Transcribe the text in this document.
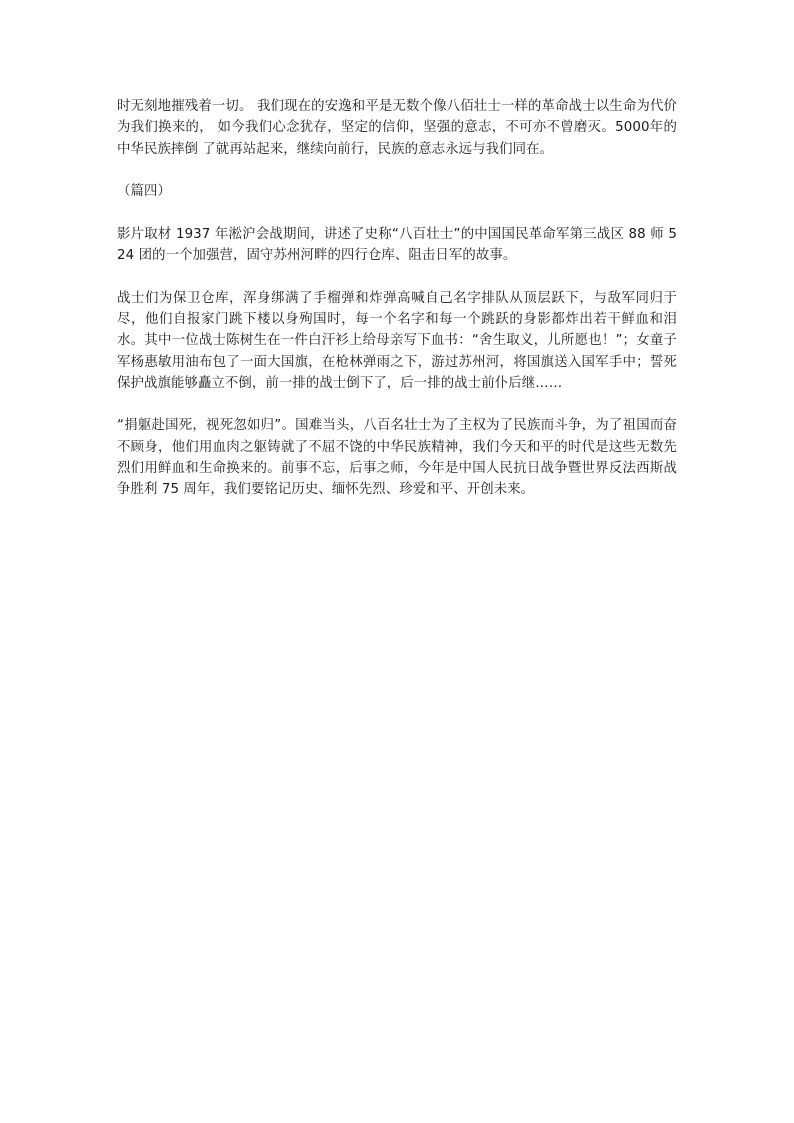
时无刻地摧残着一切。 我们现在的安逸和平是无数个像八佰壮士一样的革命战士以生命为代价为我们换来的， 如今我们心念犹存，坚定的信仰，坚强的意志，不可亦不曾磨灭。5000年的中华民族摔倒 了就再站起来，继续向前行，民族的意志永远与我们同在。

（篇四）

影片取材 1937 年淞沪会战期间，讲述了史称“八百壮士”的中国国民革命军第三战区 88 师 524 团的一个加强营，固守苏州河畔的四行仓库、阻击日军的故事。

战士们为保卫仓库，浑身绑满了手榴弹和炸弹高喊自己名字排队从顶层跃下，与敌军同归于尽，他们自报家门跳下楼以身殉国时，每一个名字和每一个跳跃的身影都炸出若干鲜血和泪水。其中一位战士陈树生在一件白汗衫上给母亲写下血书：“舍生取义，儿所愿也！”；女童子军杨惠敏用油布包了一面大国旗，在枪林弹雨之下，游过苏州河，将国旗送入国军手中；誓死保护战旗能够矗立不倒，前一排的战士倒下了，后一排的战士前仆后继……

“捐躯赴国死，视死忽如归”。国难当头，八百名壮士为了主权为了民族而斗争，为了祖国而奋不顾身，他们用血肉之躯铸就了不屈不饶的中华民族精神，我们今天和平的时代是这些无数先烈们用鲜血和生命换来的。前事不忘，后事之师，今年是中国人民抗日战争暨世界反法西斯战争胜利 75 周年，我们要铭记历史、缅怀先烈、珍爱和平、开创未来。
